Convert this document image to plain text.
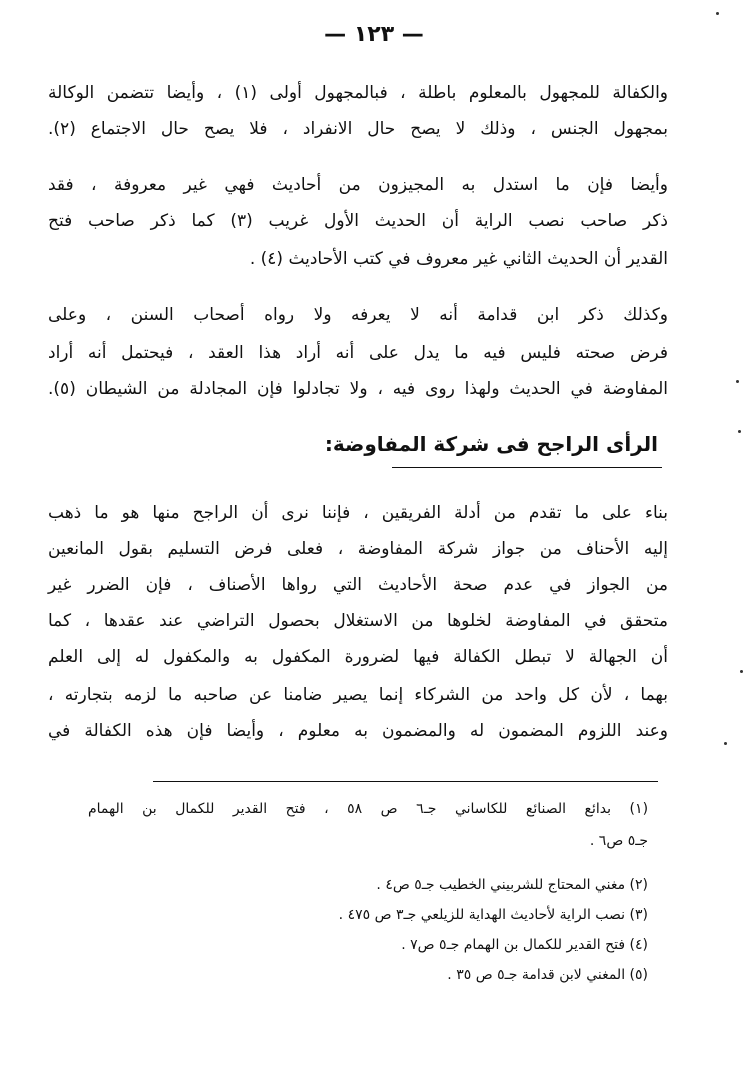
— ١٢٣ —
والكفالة للمجهول بالمعلوم باطلة ، فبالمجهول أولى (١) ، وأيضا تتضمن الوكالة
بمجهول الجنس ، وذلك لا يصح حال الانفراد ، فلا يصح حال الاجتماع (٢).
وأيضا فإن ما استدل به المجيزون من أحاديث فهي غير معروفة ، فقد
ذكر صاحب نصب الراية أن الحديث الأول غريب (٣) كما ذكر صاحب فتح
القدير أن الحديث الثاني غير معروف في كتب الأحاديث (٤) .
وكذلك ذكر ابن قدامة أنه لا يعرفه ولا رواه أصحاب السنن ، وعلى
فرض صحته فليس فيه ما يدل على أنه أراد هذا العقد ، فيحتمل أنه أراد
المفاوضة في الحديث ولهذا روى فيه ، ولا تجادلوا فإن المجادلة من الشيطان (٥).
الرأى الراجح فى شركة المفاوضة:
بناء على ما تقدم من أدلة الفريقين ، فإننا نرى أن الراجح منها هو ما ذهب
إليه الأحناف من جواز شركة المفاوضة ، فعلى فرض التسليم بقول المانعين
من الجواز في عدم صحة الأحاديث التي رواها الأصناف ، فإن الضرر غير
متحقق في المفاوضة لخلوها من الاستغلال بحصول التراضي عند عقدها ، كما
أن الجهالة لا تبطل الكفالة فيها لضرورة المكفول به والمكفول له إلى العلم
بهما ، لأن كل واحد من الشركاء إنما يصير ضامنا عن صاحبه ما لزمه بتجارته ،
وعند اللزوم المضمون له والمضمون به معلوم ، وأيضا فإن هذه الكفالة في
(١) بدائع الصنائع للكاساني جـ٦ ص ٥٨ ، فتح القدير للكمال بن الهمام
جـ٥ ص٦ .
(٢) مغني المحتاج للشربيني الخطيب جـ٥ ص٤ .
(٣) نصب الراية لأحاديث الهداية للزيلعي جـ٣ ص ٤٧٥ .
(٤) فتح القدير للكمال بن الهمام جـ٥ ص٧ .
(٥) المغني لابن قدامة جـ٥ ص ٣٥ .
